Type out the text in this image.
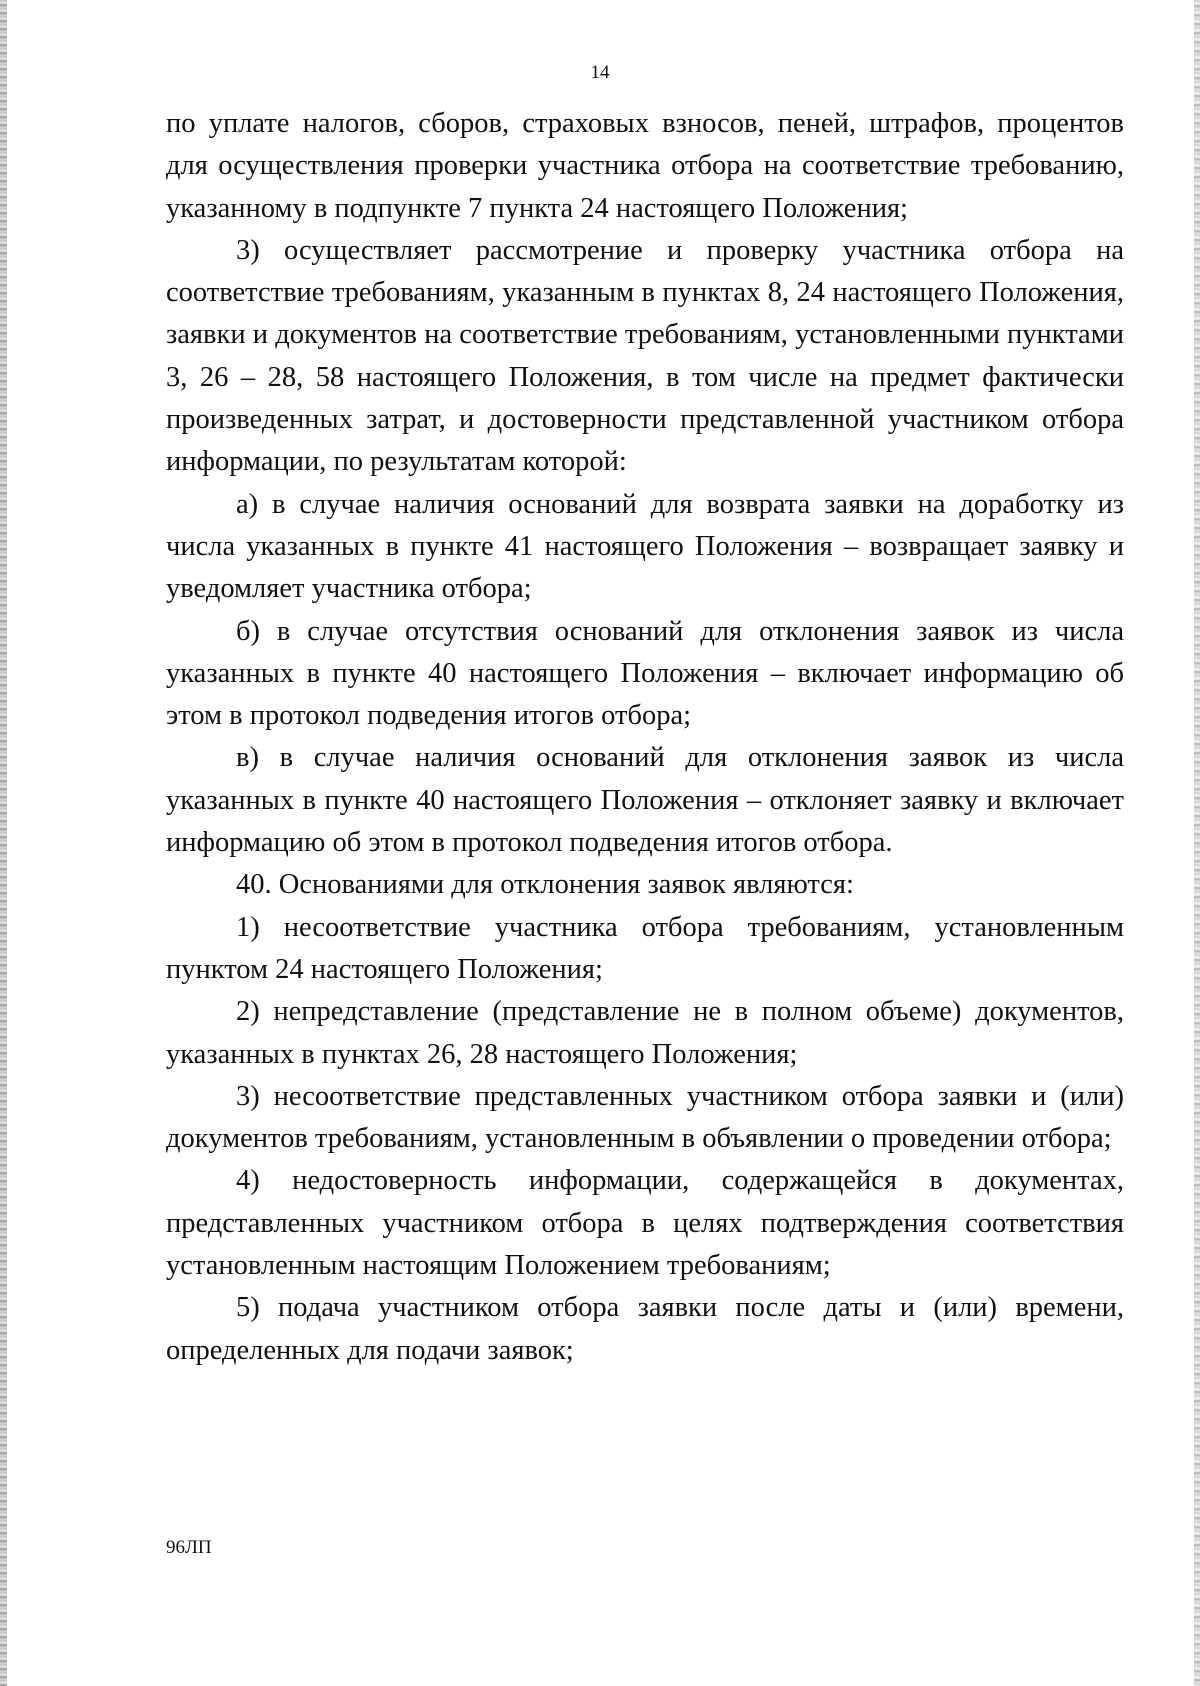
14

по уплате налогов, сборов, страховых взносов, пеней, штрафов, процентов для осуществления проверки участника отбора на соответствие требованию, указанному в подпункте 7 пункта 24 настоящего Положения;

3) осуществляет рассмотрение и проверку участника отбора на соответствие требованиям, указанным в пунктах 8, 24 настоящего Положения, заявки и документов на соответствие требованиям, установленными пунктами 3, 26 – 28, 58 настоящего Положения, в том числе на предмет фактически произведенных затрат, и достоверности представленной участником отбора информации, по результатам которой:

а) в случае наличия оснований для возврата заявки на доработку из числа указанных в пункте 41 настоящего Положения – возвращает заявку и уведомляет участника отбора;

б) в случае отсутствия оснований для отклонения заявок из числа указанных в пункте 40 настоящего Положения – включает информацию об этом в протокол подведения итогов отбора;

в) в случае наличия оснований для отклонения заявок из числа указанных в пункте 40 настоящего Положения – отклоняет заявку и включает информацию об этом в протокол подведения итогов отбора.

40. Основаниями для отклонения заявок являются:

1) несоответствие участника отбора требованиям, установленным пунктом 24 настоящего Положения;

2) непредставление (представление не в полном объеме) документов, указанных в пунктах 26, 28 настоящего Положения;

3) несоответствие представленных участником отбора заявки и (или) документов требованиям, установленным в объявлении о проведении отбора;

4) недостоверность информации, содержащейся в документах, представленных участником отбора в целях подтверждения соответствия установленным настоящим Положением требованиям;

5) подача участником отбора заявки после даты и (или) времени, определенных для подачи заявок;

96ЛП
